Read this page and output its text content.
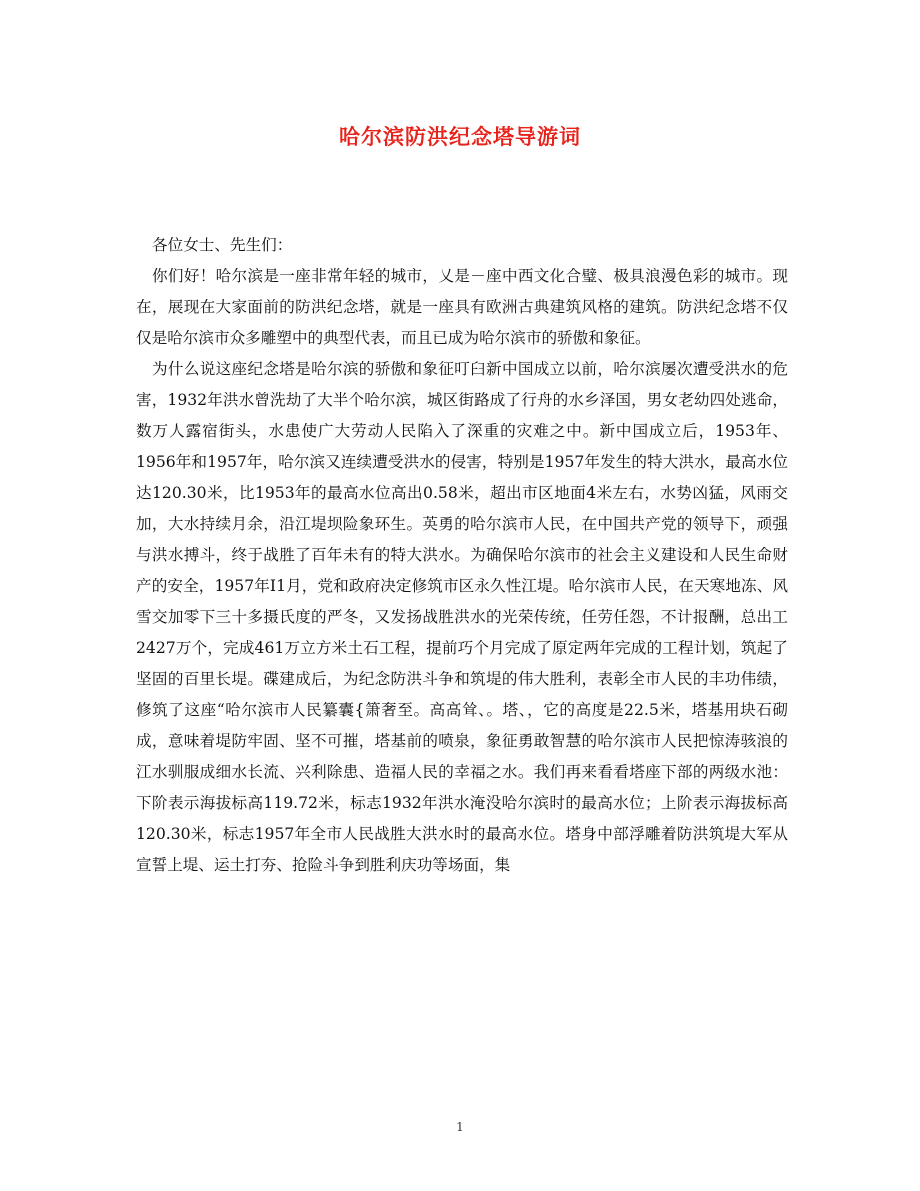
哈尔滨防洪纪念塔导游词

各位女士、先生们：

你们好！哈尔滨是一座非常年轻的城市，乂是－座中西文化合璧、极具浪漫色彩的城市。现在，展现在大家面前的防洪纪念塔，就是一座具有欧洲古典建筑风格的建筑。防洪纪念塔不仅仅是哈尔滨市众多雕塑中的典型代表，而且已成为哈尔滨市的骄傲和象征。

为什么说这座纪念塔是哈尔滨的骄傲和象征叮臼新中国成立以前，哈尔滨屡次遭受洪水的危害，1932年洪水曾洗劫了大半个哈尔滨，城区街路成了行舟的水乡泽国，男女老幼四处逃命，数万人露宿街头，水患使广大劳动人民陷入了深重的灾难之中。新中国成立后，1953年、1956年和1957年，哈尔滨又连续遭受洪水的侵害，特别是1957年发生的特大洪水，最高水位达120.30米，比1953年的最高水位高出0.58米，超出市区地面4米左右，水势凶猛，风雨交加，大水持续月余，沿江堤坝险象环生。英勇的哈尔滨市人民，在中国共产党的领导下，顽强与洪水搏斗，终于战胜了百年未有的特大洪水。为确保哈尔滨市的社会主义建设和人民生命财产的安全，1957年I1月，党和政府决定修筑市区永久性江堤。哈尔滨市人民，在天寒地冻、风雪交加零下三十多摄氏度的严冬，又发扬战胜洪水的光荣传统，任劳任怨，不计报酬，总出工2427万个，完成461万立方米土石工程，提前巧个月完成了原定两年完成的工程计划，筑起了坚固的百里长堤。碟建成后，为纪念防洪斗争和筑堤的伟大胜利，表彰全市人民的丰功伟绩，修筑了这座“哈尔滨市人民纂囊{箫奢至。高高耸、。塔、，它的高度是22.5米，塔基用块石砌成，意味着堤防牢固、坚不可摧，塔基前的喷泉，象征勇敢智慧的哈尔滨市人民把惊涛骇浪的江水驯服成细水长流、兴利除患、造福人民的幸福之水。我们再来看看塔座下部的两级水池：下阶表示海拔标高119.72米，标志1932年洪水淹没哈尔滨时的最高水位；上阶表示海拔标高120.30米，标志1957年全市人民战胜大洪水时的最高水位。塔身中部浮雕着防洪筑堤大军从宣誓上堤、运土打夯、抢险斗争到胜利庆功等场面，集

1
